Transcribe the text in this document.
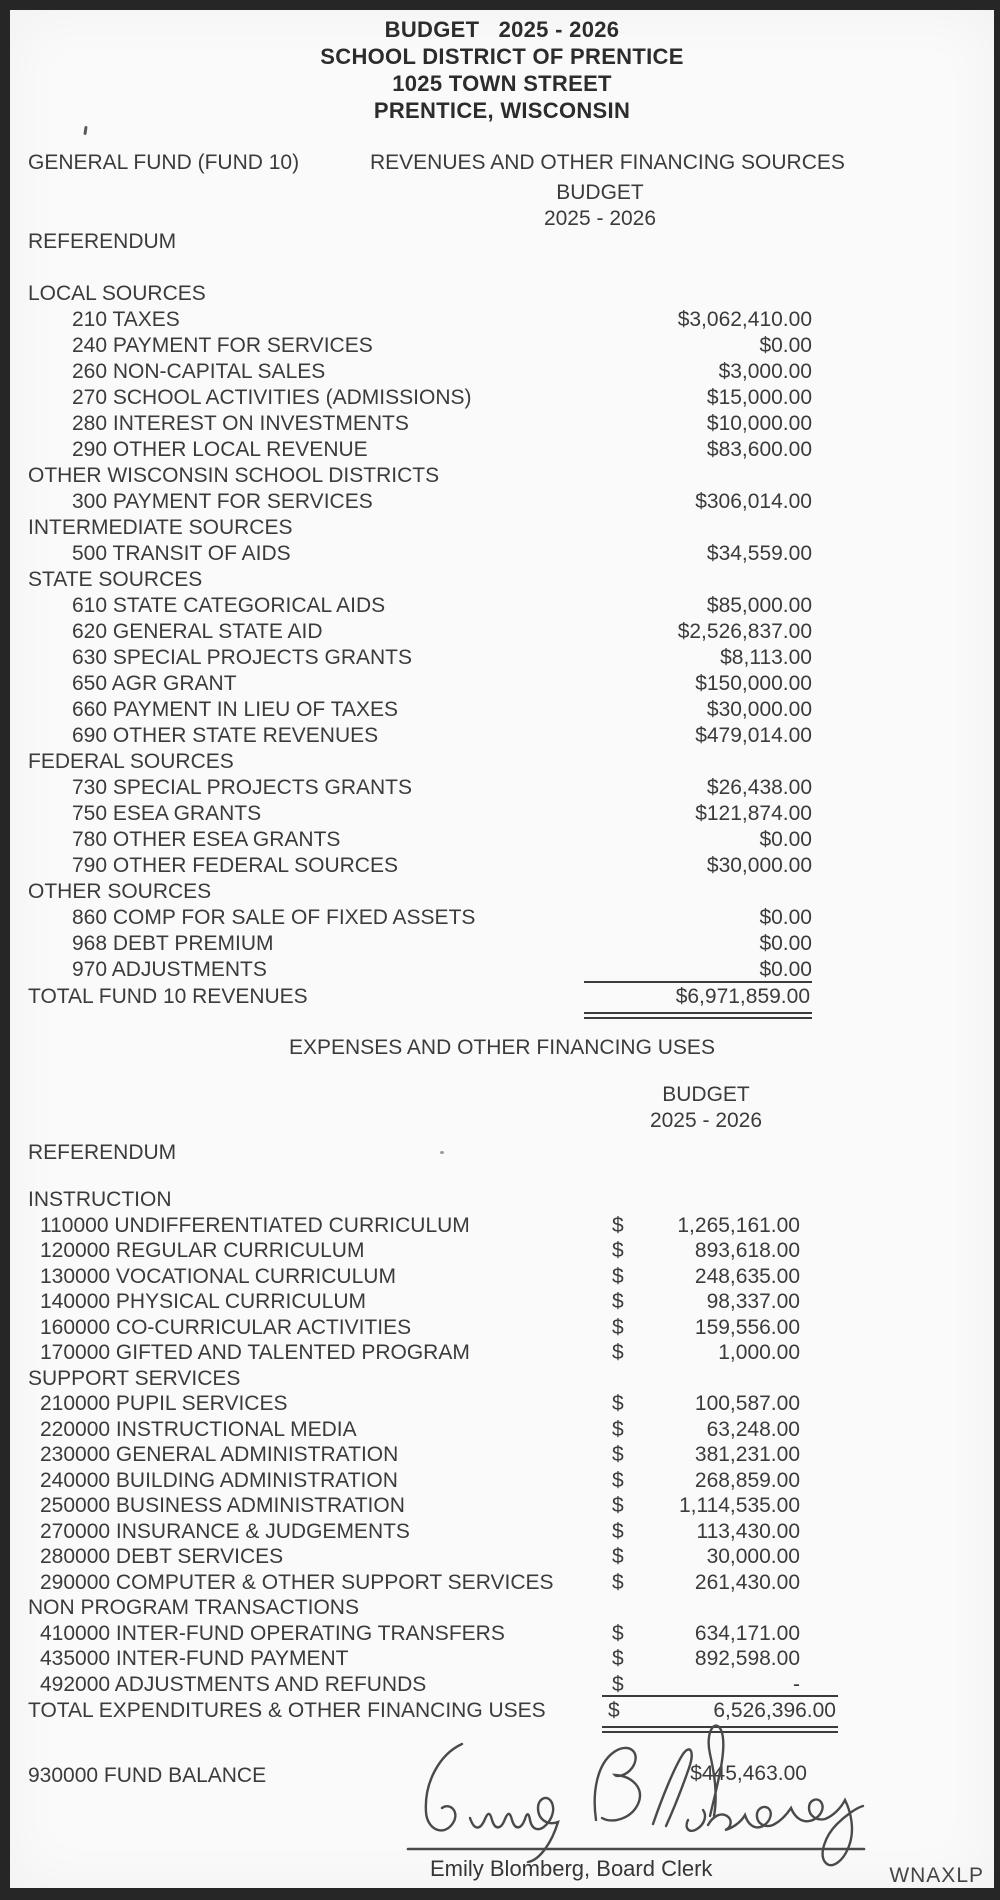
BUDGET   2025 - 2026
SCHOOL DISTRICT OF PRENTICE
1025 TOWN STREET
PRENTICE, WISCONSIN
GENERAL FUND (FUND 10)	REVENUES AND OTHER FINANCING SOURCES
BUDGET
2025 - 2026
REFERENDUM
LOCAL SOURCES
210 TAXES	$3,062,410.00
240 PAYMENT FOR SERVICES	$0.00
260 NON-CAPITAL SALES	$3,000.00
270 SCHOOL ACTIVITIES (ADMISSIONS)	$15,000.00
280 INTEREST ON INVESTMENTS	$10,000.00
290 OTHER LOCAL REVENUE	$83,600.00
OTHER WISCONSIN SCHOOL DISTRICTS
300 PAYMENT FOR SERVICES	$306,014.00
INTERMEDIATE SOURCES
500 TRANSIT OF AIDS	$34,559.00
STATE SOURCES
610 STATE CATEGORICAL AIDS	$85,000.00
620 GENERAL STATE AID	$2,526,837.00
630 SPECIAL PROJECTS GRANTS	$8,113.00
650 AGR GRANT	$150,000.00
660 PAYMENT IN LIEU OF TAXES	$30,000.00
690 OTHER STATE REVENUES	$479,014.00
FEDERAL SOURCES
730 SPECIAL PROJECTS GRANTS	$26,438.00
750 ESEA GRANTS	$121,874.00
780 OTHER ESEA GRANTS	$0.00
790 OTHER FEDERAL SOURCES	$30,000.00
OTHER SOURCES
860 COMP FOR SALE OF FIXED ASSETS	$0.00
968 DEBT PREMIUM	$0.00
970 ADJUSTMENTS	$0.00
TOTAL FUND 10 REVENUES	$6,971,859.00
EXPENSES AND OTHER FINANCING USES
BUDGET
2025 - 2026
REFERENDUM
INSTRUCTION
110000 UNDIFFERENTIATED CURRICULUM	$	1,265,161.00
120000 REGULAR CURRICULUM	$	893,618.00
130000 VOCATIONAL CURRICULUM	$	248,635.00
140000 PHYSICAL CURRICULUM	$	98,337.00
160000 CO-CURRICULAR ACTIVITIES	$	159,556.00
170000 GIFTED AND TALENTED PROGRAM	$	1,000.00
SUPPORT SERVICES
210000 PUPIL SERVICES	$	100,587.00
220000 INSTRUCTIONAL MEDIA	$	63,248.00
230000 GENERAL ADMINISTRATION	$	381,231.00
240000 BUILDING ADMINISTRATION	$	268,859.00
250000 BUSINESS ADMINISTRATION	$	1,114,535.00
270000 INSURANCE & JUDGEMENTS	$	113,430.00
280000 DEBT SERVICES	$	30,000.00
290000 COMPUTER & OTHER SUPPORT SERVICES	$	261,430.00
NON PROGRAM TRANSACTIONS
410000 INTER-FUND OPERATING TRANSFERS	$	634,171.00
435000 INTER-FUND PAYMENT	$	892,598.00
492000 ADJUSTMENTS AND REFUNDS	$	-
TOTAL EXPENDITURES & OTHER FINANCING USES	$	6,526,396.00
930000 FUND BALANCE	$445,463.00
Emily Blomberg, Board Clerk	WNAXLP
